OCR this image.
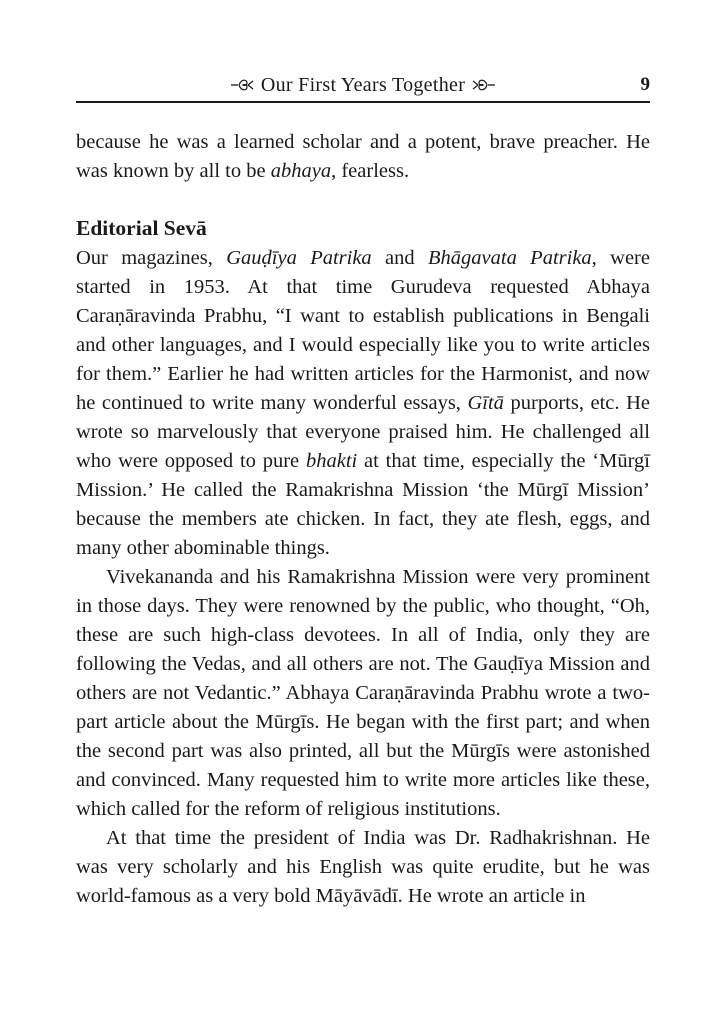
Our First Years Together	9

because he was a learned scholar and a potent, brave preacher. He was known by all to be abhaya, fearless.

Editorial Sevā

Our magazines, Gauḍīya Patrika and Bhāgavata Patrika, were started in 1953. At that time Gurudeva requested Abhaya Caraṇāravinda Prabhu, “I want to establish publications in Bengali and other languages, and I would especially like you to write articles for them.” Earlier he had written articles for the Harmonist, and now he continued to write many wonderful essays, Gītā purports, etc. He wrote so marvelously that everyone praised him. He challenged all who were opposed to pure bhakti at that time, especially the ‘Mūrgī Mission.’ He called the Ramakrishna Mission ‘the Mūrgī Mission’ because the members ate chicken. In fact, they ate flesh, eggs, and many other abominable things.

Vivekananda and his Ramakrishna Mission were very prominent in those days. They were renowned by the public, who thought, “Oh, these are such high-class devotees. In all of India, only they are following the Vedas, and all others are not. The Gauḍīya Mission and others are not Vedantic.” Abhaya Caraṇāravinda Prabhu wrote a two-part article about the Mūrgīs. He began with the first part; and when the second part was also printed, all but the Mūrgīs were astonished and convinced. Many requested him to write more articles like these, which called for the reform of religious institutions.

At that time the president of India was Dr. Radhakrishnan. He was very scholarly and his English was quite erudite, but he was world-famous as a very bold Māyāvādī. He wrote an article in
